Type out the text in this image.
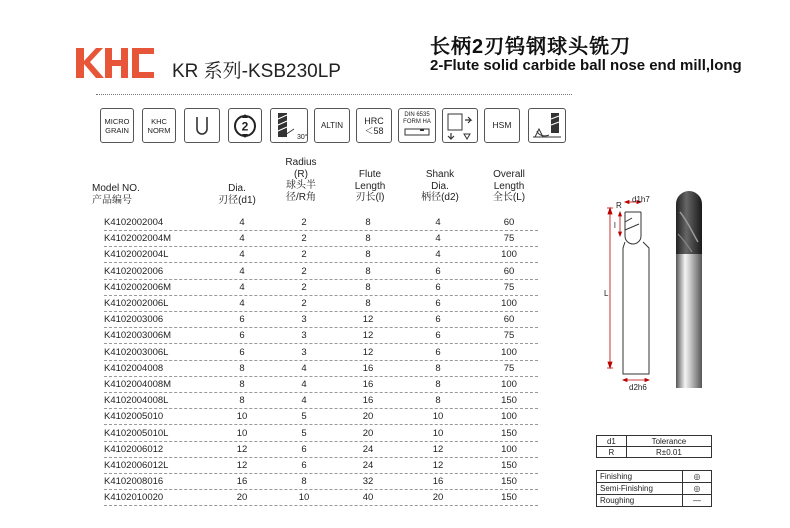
KR 系列-KSB230LP
长柄2刃钨钢球头铣刀
2-Flute solid carbide ball nose end mill,long
MICRO
GRAIN
KHC
NORM	2
30°
ALTIN HRC
＜58
DIN 6535
FORM HA	HSM
Model NO.
产品编号
Dia.
刃径(d1)
Radius
(R)
球头半
径/R角
Flute
Length
刃长(l)
Shank
Dia.
柄径(d2)
Overall
Length
全长(L)
K4102002004	4	2	8	4	60
K4102002004M	4	2	8	4	75
K4102002004L	4	2	8	4	100
K4102002006	4	2	8	6	60
K4102002006M	4	2	8	6	75
K4102002006L	4	2	8	6	100
K4102003006	6	3	12	6	60
K4102003006M	6	3	12	6	75
K4102003006L	6	3	12	6	100
K4102004008	8	4	16	8	75
K4102004008M	8	4	16	8	100
K4102004008L	8	4	16	8	150
K4102005010	10	5	20	10	100
K4102005010L	10	5	20	10	150
K4102006012	12	6	24	12	100
K4102006012L	12	6	24	12	150
K4102008016	16	8	32	16	150
K4102010020	20	10	40	20	150
R
d1h7
l
L
d2h6
d1	Tolerance
R	R±0.01
Finishing	◎
Semi-Finishing	◎
Roughing	—
